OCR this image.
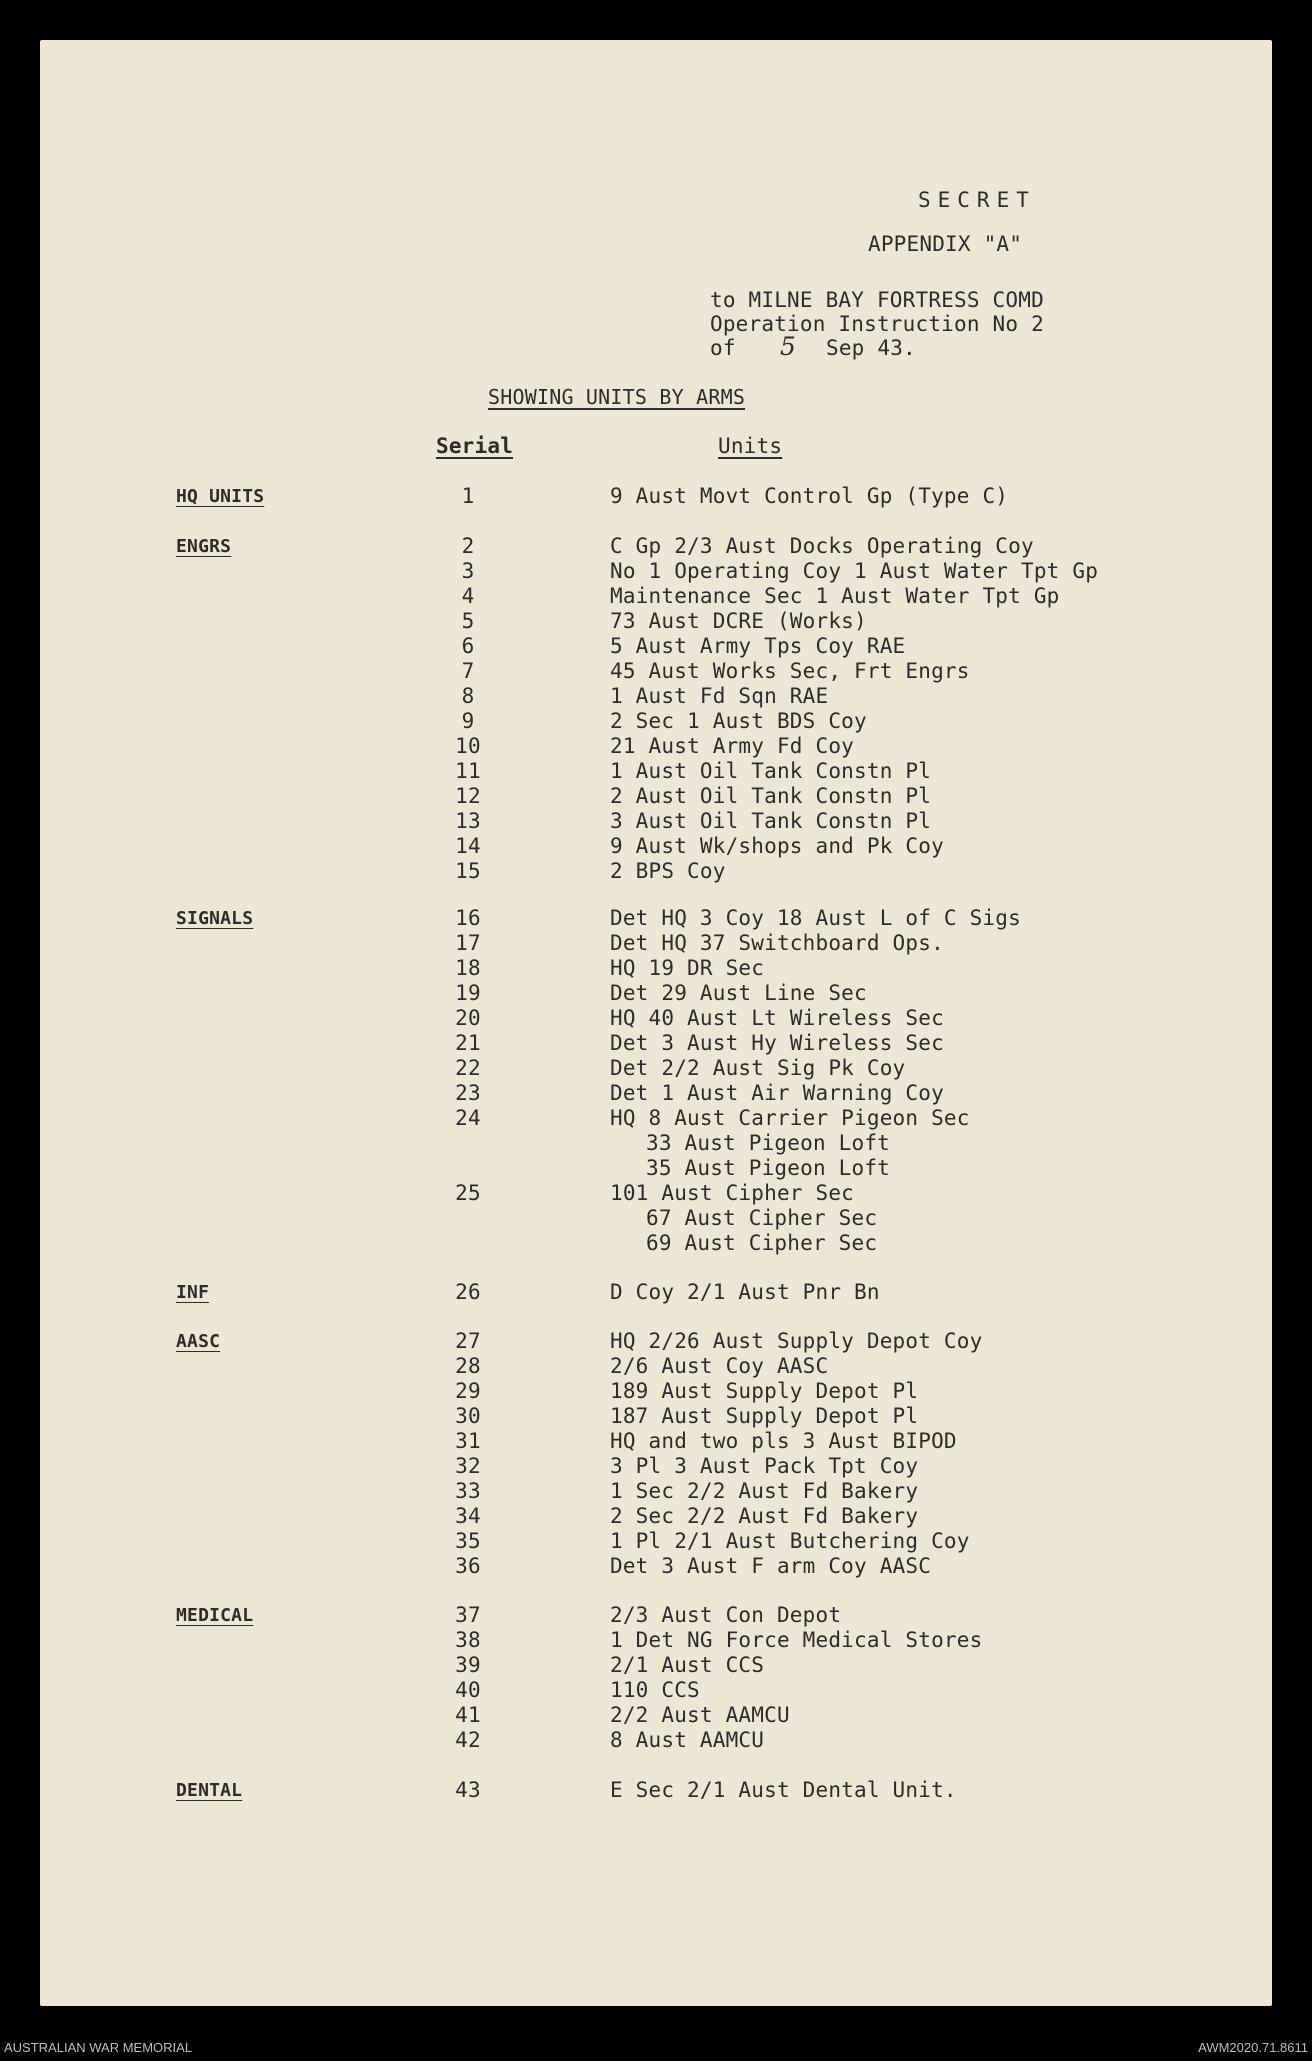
SECRET
APPENDIX "A"
to MILNE BAY FORTRESS COMD
Operation Instruction No 2
of 5 Sep 43.
SHOWING UNITS BY ARMS
Serial	Units
HQ UNITS	1	9 Aust Movt Control Gp (Type C)
ENGRS	2	C Gp 2/3 Aust Docks Operating Coy
3	No 1 Operating Coy 1 Aust Water Tpt Gp
4	Maintenance Sec 1 Aust Water Tpt Gp
5	73 Aust DCRE (Works)
6	5 Aust Army Tps Coy RAE
7	45 Aust Works Sec, Frt Engrs
8	1 Aust Fd Sqn RAE
9	2 Sec 1 Aust BDS Coy
10	21 Aust Army Fd Coy
11	1 Aust Oil Tank Constn Pl
12	2 Aust Oil Tank Constn Pl
13	3 Aust Oil Tank Constn Pl
14	9 Aust Wk/shops and Pk Coy
15	2 BPS Coy
SIGNALS	16	Det HQ 3 Coy 18 Aust L of C Sigs
17	Det HQ 37 Switchboard Ops.
18	HQ 19 DR Sec
19	Det 29 Aust Line Sec
20	HQ 40 Aust Lt Wireless Sec
21	Det 3 Aust Hy Wireless Sec
22	Det 2/2 Aust Sig Pk Coy
23	Det 1 Aust Air Warning Coy
24	HQ 8 Aust Carrier Pigeon Sec
33 Aust Pigeon Loft
35 Aust Pigeon Loft
25	101 Aust Cipher Sec
67 Aust Cipher Sec
69 Aust Cipher Sec
INF	26	D Coy 2/1 Aust Pnr Bn
AASC	27	HQ 2/26 Aust Supply Depot Coy
28	2/6 Aust Coy AASC
29	189 Aust Supply Depot Pl
30	187 Aust Supply Depot Pl
31	HQ and two pls 3 Aust BIPOD
32	3 Pl 3 Aust Pack Tpt Coy
33	1 Sec 2/2 Aust Fd Bakery
34	2 Sec 2/2 Aust Fd Bakery
35	1 Pl 2/1 Aust Butchering Coy
36	Det 3 Aust F arm Coy AASC
MEDICAL	37	2/3 Aust Con Depot
38	1 Det NG Force Medical Stores
39	2/1 Aust CCS
40	110 CCS
41	2/2 Aust AAMCU
42	8 Aust AAMCU
DENTAL	43	E Sec 2/1 Aust Dental Unit.
AUSTRALIAN WAR MEMORIAL	AWM2020.71.8611
